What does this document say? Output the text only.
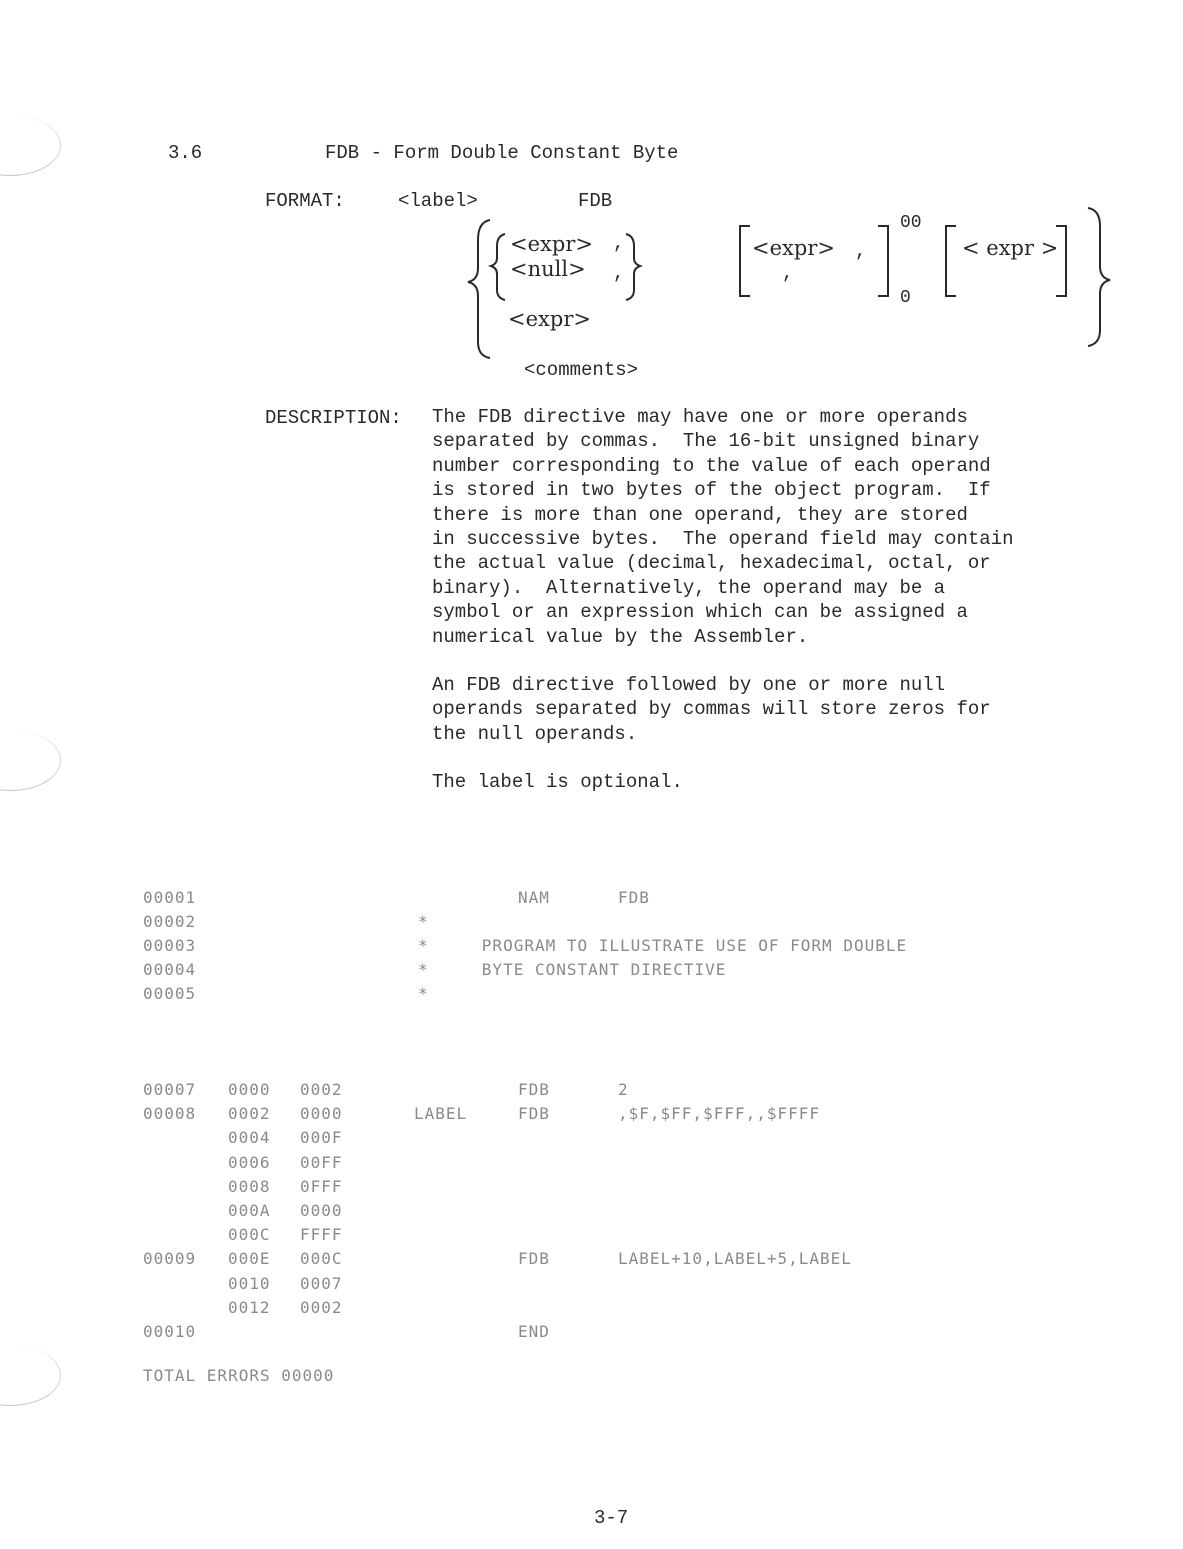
3.6	FDB - Form Double Constant Byte
FORMAT:	<label>	FDB
<expr> ,
<null> ,
<expr>
<expr> ,
,
00
0
< expr >
<comments>
DESCRIPTION: The FDB directive may have one or more operands
separated by commas.  The 16-bit unsigned binary
number corresponding to the value of each operand
is stored in two bytes of the object program.  If
there is more than one operand, they are stored
in successive bytes.  The operand field may contain
the actual value (decimal, hexadecimal, octal, or
binary).  Alternatively, the operand may be a
symbol or an expression which can be assigned a
numerical value by the Assembler.

An FDB directive followed by one or more null
operands separated by commas will store zeros for
the null operands.

The label is optional.

00001	NAM	FDB
00002	*
00003	*     PROGRAM TO ILLUSTRATE USE OF FORM DOUBLE
00004	*     BYTE CONSTANT DIRECTIVE
00005	*
00007 0000 0002	FDB	2
00008 0002 0000	LABEL	FDB	,$F,$FF,$FFF,,$FFFF
0004 000F
0006 00FF
0008 0FFF
000A 0000
000C FFFF
00009 000E 000C	FDB	LABEL+10,LABEL+5,LABEL
0010 0007
0012 0002
00010	END
TOTAL ERRORS 00000
3-7
